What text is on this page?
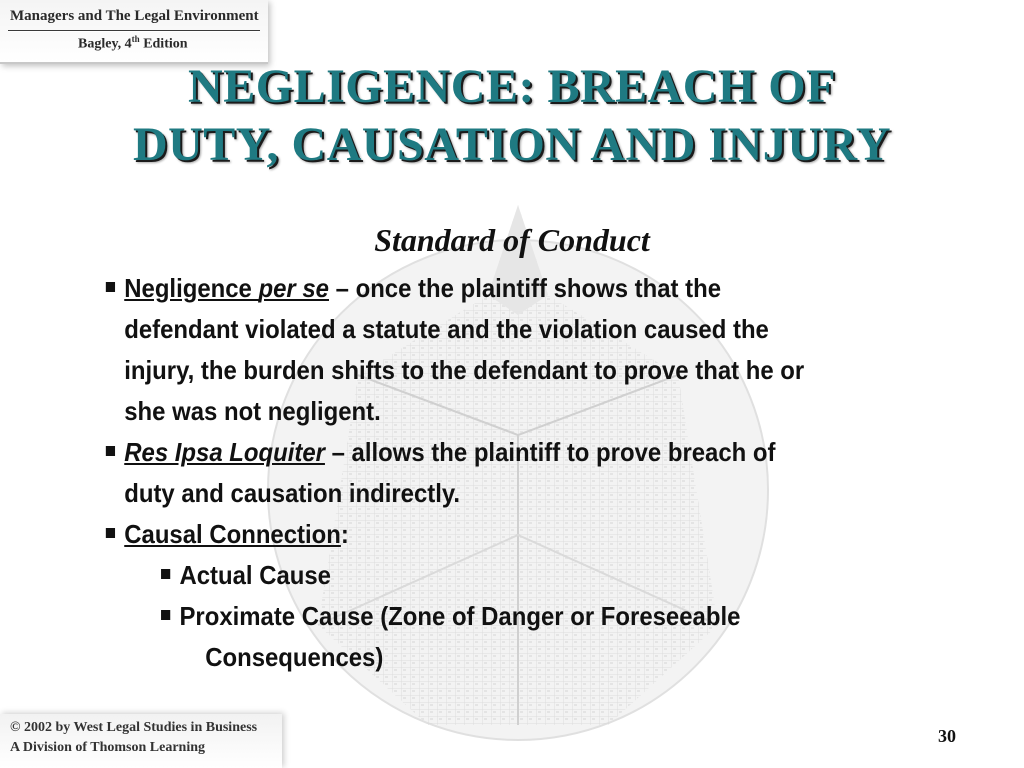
Managers and The Legal Environment
Bagley, 4th Edition
NEGLIGENCE: BREACH OF
DUTY, CAUSATION AND INJURY
Standard of Conduct
Negligence per se – once the plaintiff shows that the
defendant violated a statute and the violation caused the
injury, the burden shifts to the defendant to prove that he or
she was not negligent.
Res Ipsa Loquiter – allows the plaintiff to prove breach of
duty and causation indirectly.
Causal Connection:
Actual Cause
Proximate Cause (Zone of Danger or Foreseeable
Consequences)
© 2002 by West Legal Studies in Business
A Division of Thomson Learning
30
